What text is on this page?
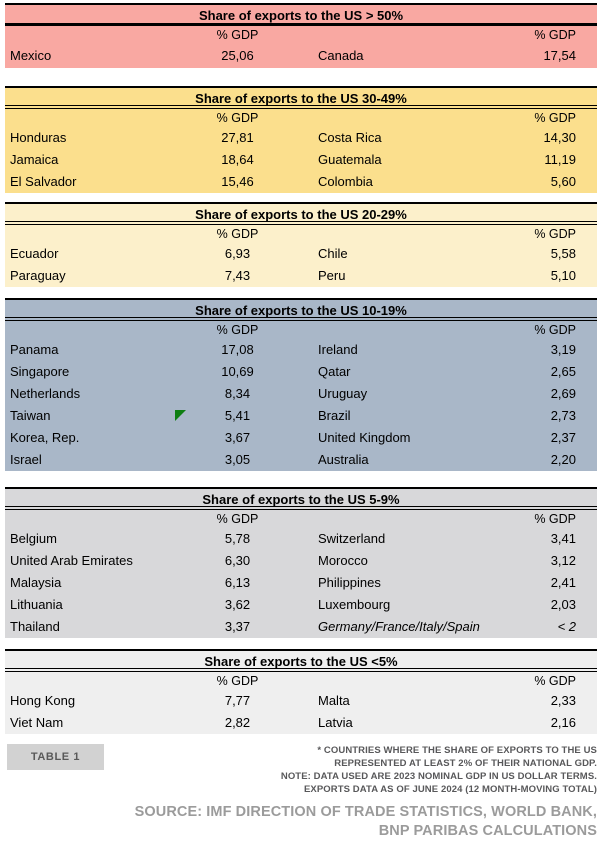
Share of exports to the US > 50%
% GDP	% GDP
Mexico	25,06	Canada	17,54
Share of exports to the US 30-49%
% GDP	% GDP
Honduras	27,81	Costa Rica	14,30
Jamaica	18,64	Guatemala	11,19
El Salvador	15,46	Colombia	5,60
Share of exports to the US 20-29%
% GDP	% GDP
Ecuador	6,93	Chile	5,58
Paraguay	7,43	Peru	5,10
Share of exports to the US 10-19%
% GDP	% GDP
Panama	17,08	Ireland	3,19
Singapore	10,69	Qatar	2,65
Netherlands	8,34	Uruguay	2,69
Taiwan	5,41	Brazil	2,73
Korea, Rep.	3,67	United Kingdom	2,37
Israel	3,05	Australia	2,20
Share of exports to the US 5-9%
% GDP	% GDP
Belgium	5,78	Switzerland	3,41
United Arab Emirates	6,30	Morocco	3,12
Malaysia	6,13	Philippines	2,41
Lithuania	3,62	Luxembourg	2,03
Thailand	3,37	Germany/France/Italy/Spain	< 2
Share of exports to the US <5%
% GDP	% GDP
Hong Kong	7,77	Malta	2,33
Viet Nam	2,82	Latvia	2,16
TABLE 1
* COUNTRIES WHERE THE SHARE OF EXPORTS TO THE US
REPRESENTED AT LEAST 2% OF THEIR NATIONAL GDP.
NOTE: DATA USED ARE 2023 NOMINAL GDP IN US DOLLAR TERMS.
EXPORTS DATA AS OF JUNE 2024 (12 MONTH-MOVING TOTAL)
SOURCE: IMF DIRECTION OF TRADE STATISTICS, WORLD BANK,
BNP PARIBAS CALCULATIONS
